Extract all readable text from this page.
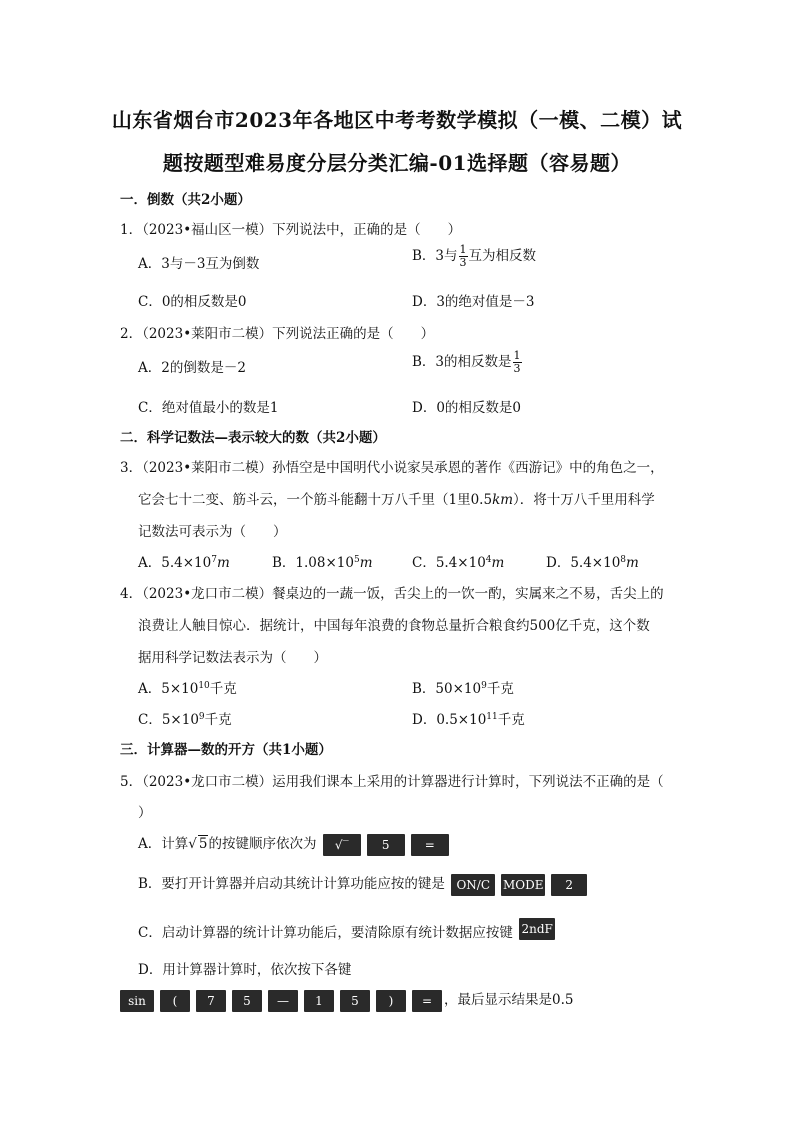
山东省烟台市2023年各地区中考考数学模拟（一模、二模）试
题按题型难易度分层分类汇编-01选择题（容易题）
一．倒数（共2小题）
1．（2023•福山区一模）下列说法中，正确的是（　　）
A．3与－3互为倒数	B．3与 $\frac{1}{3}$ 互为相反数
C．0的相反数是0	D．3的绝对值是－3
2．（2023•莱阳市二模）下列说法正确的是（　　）
A．2的倒数是－2	B．3的相反数是 $\frac{1}{3}$
C．绝对值最小的数是1	D．0的相反数是0
二．科学记数法—表示较大的数（共2小题）
3．（2023•莱阳市二模）孙悟空是中国明代小说家吴承恩的著作《西游记》中的角色之一，
它会七十二变、筋斗云，一个筋斗能翻十万八千里（1里0.5km）．将十万八千里用科学
记数法可表示为（　　）
A．$5.4\times 10^7m$	B．$1.08\times 10^5m$	C．$5.4\times 10^4m$	D．$5.4\times 10^8m$
4．（2023•龙口市二模）餐桌边的一蔬一饭，舌尖上的一饮一酌，实属来之不易，舌尖上的
浪费让人触目惊心．据统计，中国每年浪费的食物总量折合粮食约500亿千克，这个数
据用科学记数法表示为（　　）
A．$5\times 10^{10}$千克	B．$50\times 10^9$千克
C．$5\times 10^9$千克	D．$0.5\times 10^{11}$千克
三．计算器—数的开方（共1小题）
5．（2023•龙口市二模）运用我们课本上采用的计算器进行计算时，下列说法不正确的是（
）
A．计算√ 5的按键顺序依次为 √‾	5	=
B．要打开计算器并启动其统计计算功能应按的键是 ON/C MODE 2
C．启动计算器的统计计算功能后，要清除原有统计数据应按键 2ndF
D．用计算器计算时，依次按下各键
sin ( 7 5 — 1 5 ) = ，最后显示结果是0.5
